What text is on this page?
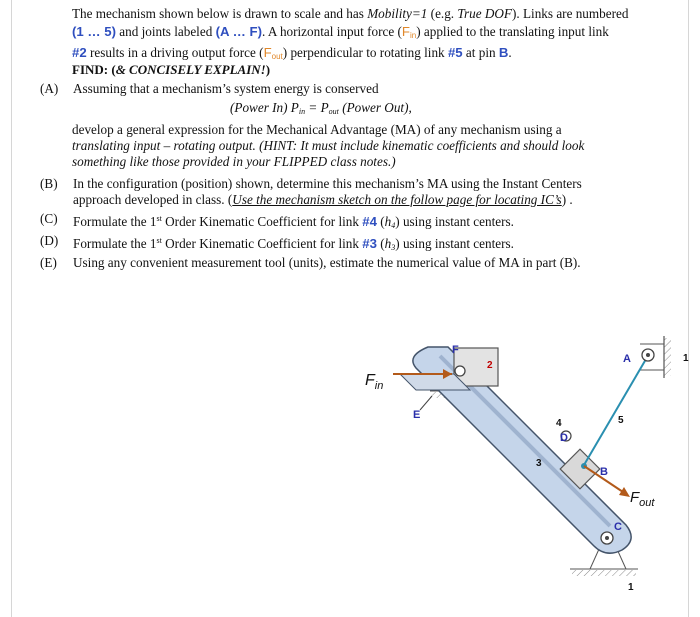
The mechanism shown below is drawn to scale and has Mobility=1 (e.g. True DOF). Links are numbered
(1 … 5) and joints labeled (A … F). A horizontal input force $(F_{in})$ applied to the translating input link
#2 results in a driving output force $(F_{out})$ perpendicular to rotating link #5 at pin B.
FIND: (& CONCISELY EXPLAIN!)
(A)	Assuming that a mechanism’s system energy is conserved
(Power In) $P_{in} = P_{out}$ (Power Out),
develop a general expression for the Mechanical Advantage (MA) of any mechanism using a
translating input – rotating output. (HINT: It must include kinematic coefficients and should look
something like those provided in your FLIPPED class notes.)
(B)	In the configuration (position) shown, determine this mechanism’s MA using the Instant Centers
approach developed in class. (Use the mechanism sketch on the follow page for locating IC’s) .
(C)	Formulate the 1st Order Kinematic Coefficient for link #4 $(h_4)$ using instant centers.
(D)	Formulate the 1st Order Kinematic Coefficient for link #3 $(h_3)$ using instant centers.
(E)	Using any convenient measurement tool (units), estimate the numerical value of MA in part (B).
$F_{in}$
$F_{out}$
A
B
C
D
E
F
1
1
2
3
4	5
